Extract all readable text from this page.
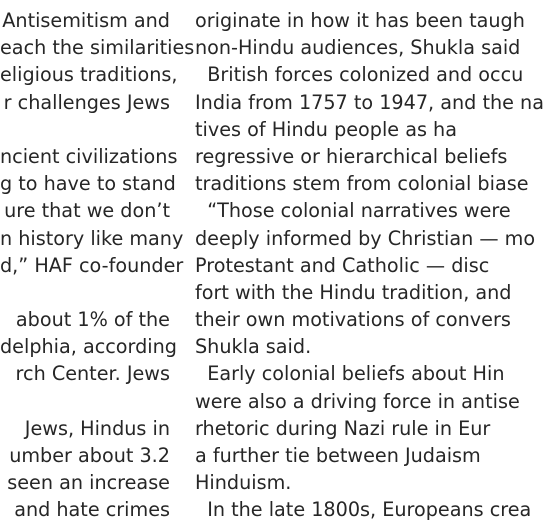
Antisemitism and
each the similarities
eligious traditions,
r challenges Jews
ncient civilizations
g to have to stand
ure that we don’t
n history like many
d,” HAF co-founder
about 1% of the
delphia, according
rch Center. Jews
Jews, Hindus in
umber about 3.2
seen an increase
and hate crimes
originate in how it has been taugh
non-Hindu audiences, Shukla said
British forces colonized and occu
India from 1757 to 1947, and the na
tives of Hindu people as ha
regressive or hierarchical beliefs
traditions stem from colonial biase
“Those colonial narratives were
deeply informed by Christian — mo
Protestant and Catholic — disc
fort with the Hindu tradition, and
their own motivations of convers
Shukla said.
Early colonial beliefs about Hin
were also a driving force in antise
rhetoric during Nazi rule in Eur
a further tie between Judaism
Hinduism.
In the late 1800s, Europeans crea
